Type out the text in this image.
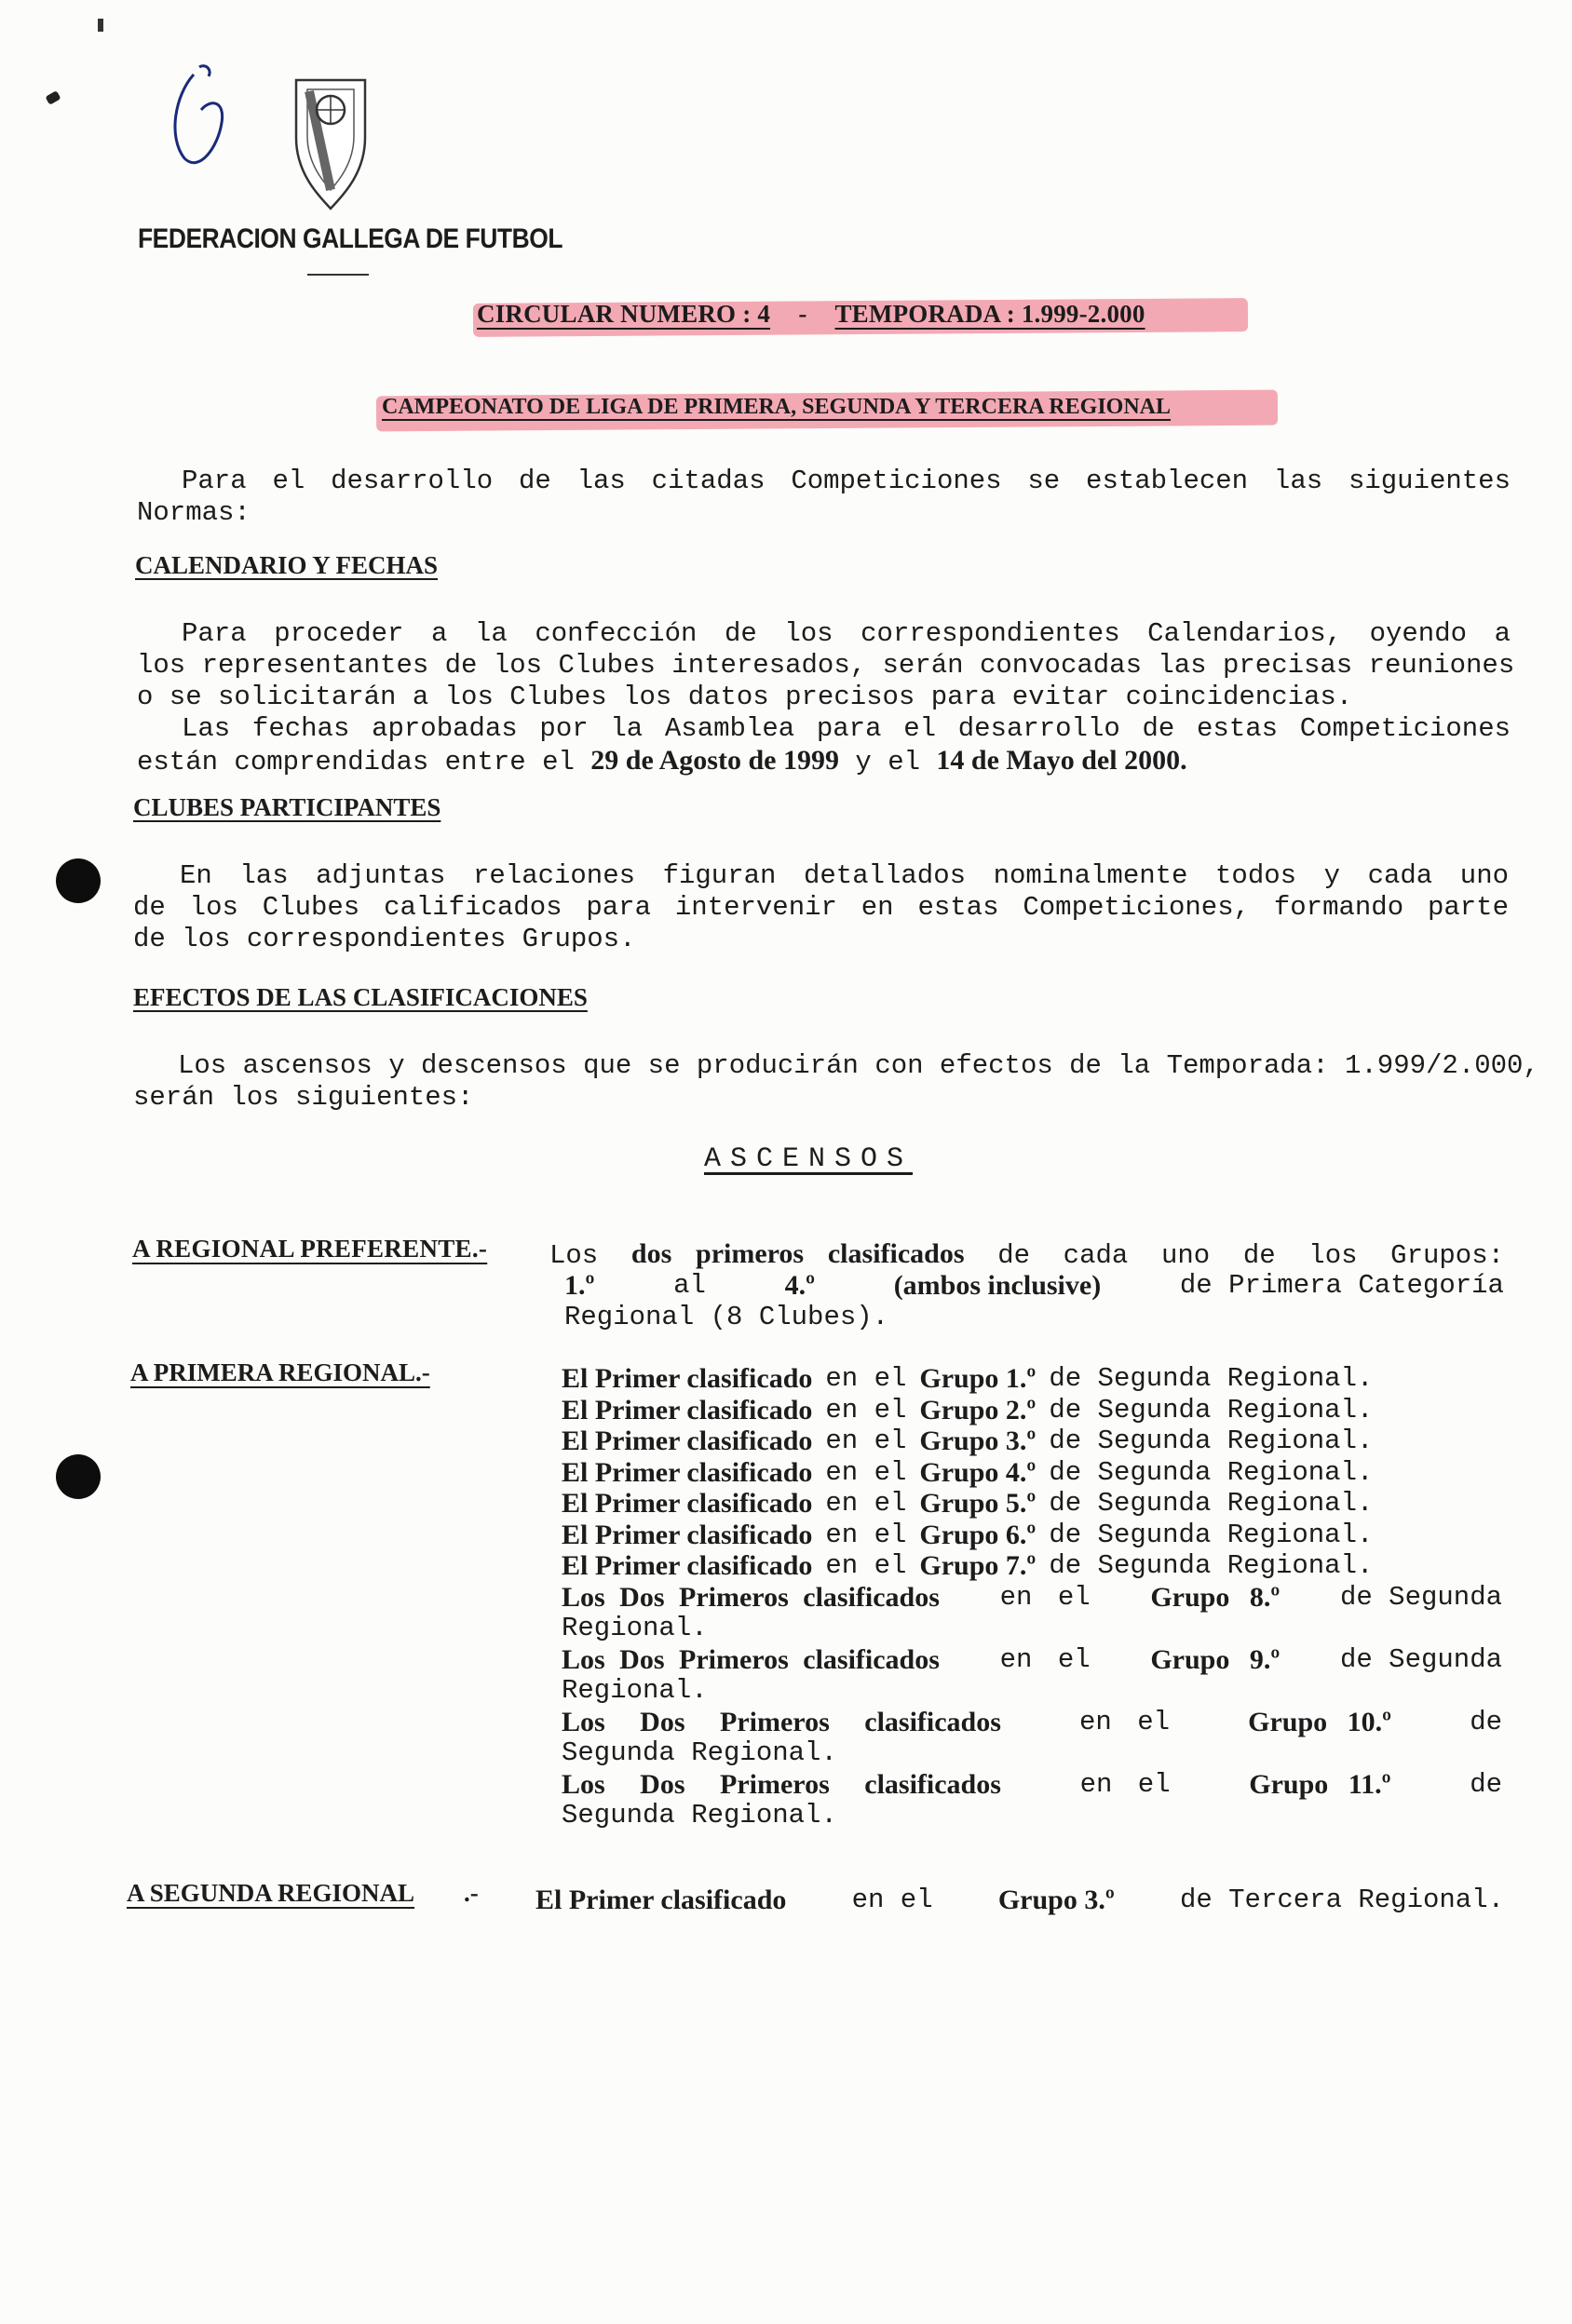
FEDERACION GALLEGA DE FUTBOL
CIRCULAR NUMERO : 4 - TEMPORADA : 1.999-2.000
CAMPEONATO DE LIGA DE PRIMERA, SEGUNDA Y TERCERA REGIONAL
Para el desarrollo de las citadas Competiciones se establecen las siguientes
Normas:
CALENDARIO Y FECHAS
Para proceder a la confección de los correspondientes Calendarios, oyendo a
los representantes de los Clubes interesados, serán convocadas las precisas reuniones
o se solicitarán a los Clubes los datos precisos para evitar coincidencias.
Las fechas aprobadas por la Asamblea para el desarrollo de estas Competiciones
están comprendidas entre el 29 de Agosto de 1999 y el 14 de Mayo del 2000.
CLUBES PARTICIPANTES
En las adjuntas relaciones figuran detallados nominalmente todos y cada uno
de los Clubes calificados para intervenir en estas Competiciones, formando parte
de los correspondientes Grupos.
EFECTOS DE LAS CLASIFICACIONES
Los ascensos y descensos que se producirán con efectos de la Temporada: 1.999/2.000,
serán los siguientes:
ASCENSOS
A REGIONAL PREFERENTE.-	Los dos primeros clasificados de cada uno de los Grupos:
1.º	al	4.º	(ambos inclusive)	de Primera Categoría
Regional (8 Clubes).
A PRIMERA REGIONAL.-	El Primer clasificado en el Grupo 1.º de Segunda Regional.
El Primer clasificado en el Grupo 2.º de Segunda Regional.
El Primer clasificado en el Grupo 3.º de Segunda Regional.
El Primer clasificado en el Grupo 4.º de Segunda Regional.
El Primer clasificado en el Grupo 5.º de Segunda Regional.
El Primer clasificado en el Grupo 6.º de Segunda Regional.
El Primer clasificado en el Grupo 7.º de Segunda Regional.
Los Dos Primeros clasificados en el Grupo 8.º de Segunda
Regional.
Los Dos Primeros clasificados en el Grupo 9.º de Segunda
Regional.
Los Dos Primeros clasificados	en el	Grupo 10.º	de
Segunda Regional.
Los Dos Primeros clasificados	en el	Grupo 11.º	de
Segunda Regional.
A SEGUNDA REGIONAL .- El Primer clasificado en el Grupo 3.º de Tercera Regional.
